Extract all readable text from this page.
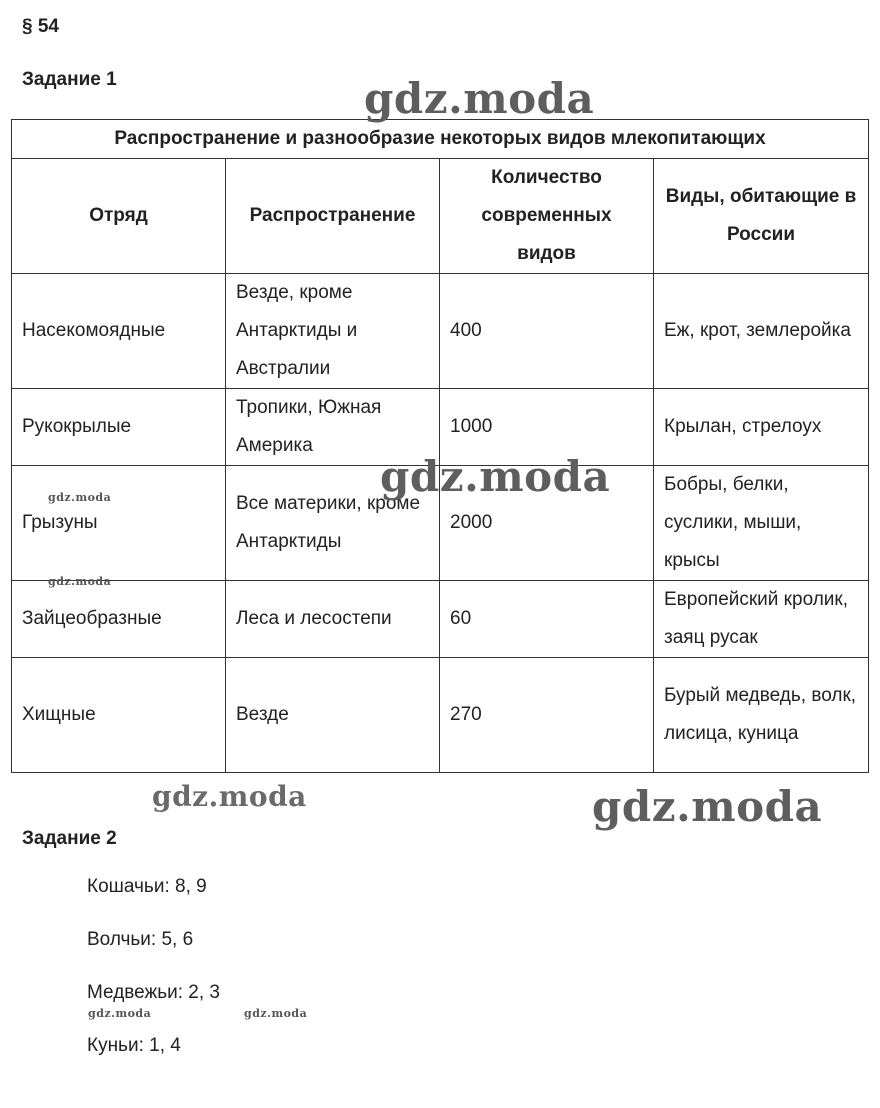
§ 54
Задание 1
Распространение и разнообразие некоторых видов млекопитающих			
Отряд	Распространение	Количество современных видов	Виды, обитающие в России
Насекомоядные	Везде, кроме Антарктиды и Австралии	400	Еж, крот, землеройка
Рукокрылые	Тропики, Южная Америка	1000	Крылан, стрелоух
Грызуны	Все материки, кроме Антарктиды	2000	Бобры, белки, суслики, мыши, крысы
Зайцеобразные	Леса и лесостепи	60	Европейский кролик, заяц русак
Хищные	Везде	270	Бурый медведь, волк, лисица, куница
Задание 2
Кошачьи: 8, 9
Волчьи: 5, 6
Медвежьи: 2, 3
Куньи: 1, 4
gdz.moda
gdz.moda
gdz.moda	gdz.moda
gdz.moda
gdz.moda
gdz.moda	gdz.moda
